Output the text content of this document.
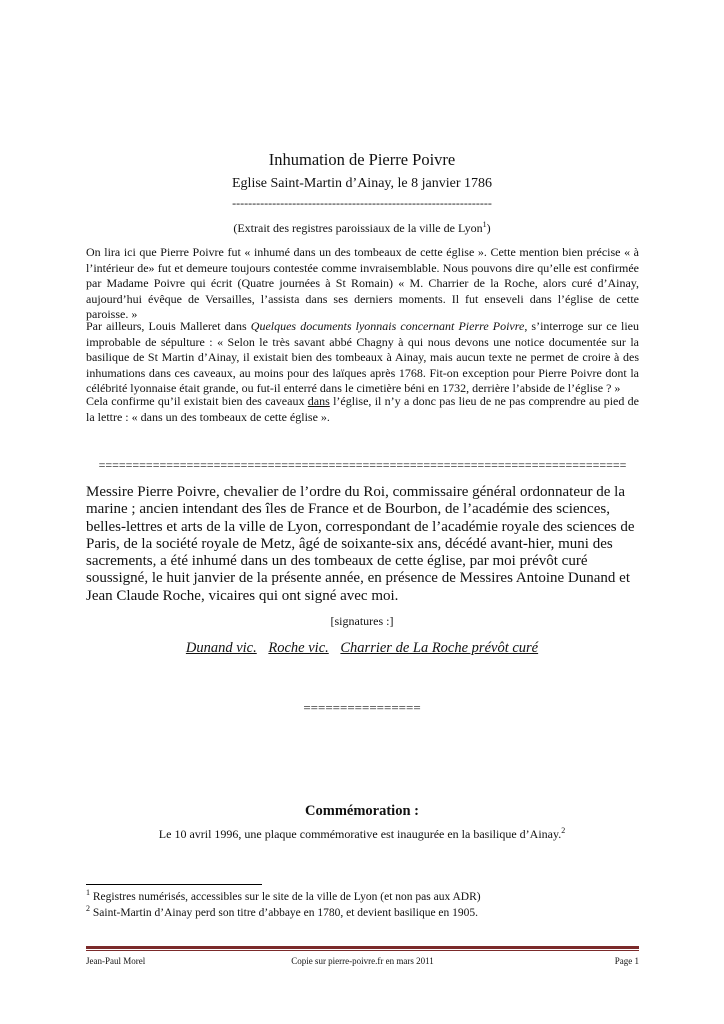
Inhumation de Pierre Poivre
Eglise Saint-Martin d’Ainay, le 8 janvier 1786
-----------------------------------------------------------------
(Extrait des registres paroissiaux de la ville de Lyon$^1$)
On lira ici que Pierre Poivre fut « inhumé dans un des tombeaux de cette église ». Cette mention bien précise « à l’intérieur de» fut et demeure toujours contestée comme invraisemblable. Nous pouvons dire qu’elle est confirmée par Madame Poivre qui écrit (Quatre journées à St Romain) « M. Charrier de la Roche, alors curé d’Ainay, aujourd’hui évêque de Versailles, l’assista dans ses derniers moments. Il fut enseveli dans l’église de cette paroisse. »
Par ailleurs, Louis Malleret dans Quelques documents lyonnais concernant Pierre Poivre, s’interroge sur ce lieu improbable de sépulture : « Selon le très savant abbé Chagny à qui nous devons une notice documentée sur la basilique de St Martin d’Ainay, il existait bien des tombeaux à Ainay, mais aucun texte ne permet de croire à des inhumations dans ces caveaux, au moins pour des laïques après 1768. Fit-on exception pour Pierre Poivre dont la célébrité lyonnaise était grande, ou fut-il enterré dans le cimetière béni en 1732, derrière l’abside de l’église ? »
Cela confirme qu’il existait bien des caveaux dans l’église, il n’y a donc pas lieu de ne pas comprendre au pied de la lettre : « dans un des tombeaux de cette église ».
==============================================================================
Messire Pierre Poivre, chevalier de l’ordre du Roi, commissaire général ordonnateur de la marine ; ancien intendant des îles de France et de Bourbon, de l’académie des sciences, belles-lettres et arts de la ville de Lyon, correspondant de l’académie royale des sciences de Paris, de la société royale de Metz, âgé de soixante-six ans, décédé avant-hier, muni des sacrements, a été inhumé dans un des tombeaux de cette église, par moi prévôt curé soussigné, le huit janvier de la présente année, en présence de Messires Antoine Dunand et Jean Claude Roche, vicaires qui ont signé avec moi.
[signatures :]
Dunand vic. Roche vic. Charrier de La Roche prévôt curé
================
Commémoration :
Le 10 avril 1996, une plaque commémorative est inaugurée en la basilique d’Ainay.$^2$
$^1$ Registres numérisés, accessibles sur le site de la ville de Lyon (et non pas aux ADR)
$^2$ Saint-Martin d’Ainay perd son titre d’abbaye en 1780, et devient basilique en 1905.
Jean-Paul Morel	Copie sur pierre-poivre.fr en mars 2011	Page 1
